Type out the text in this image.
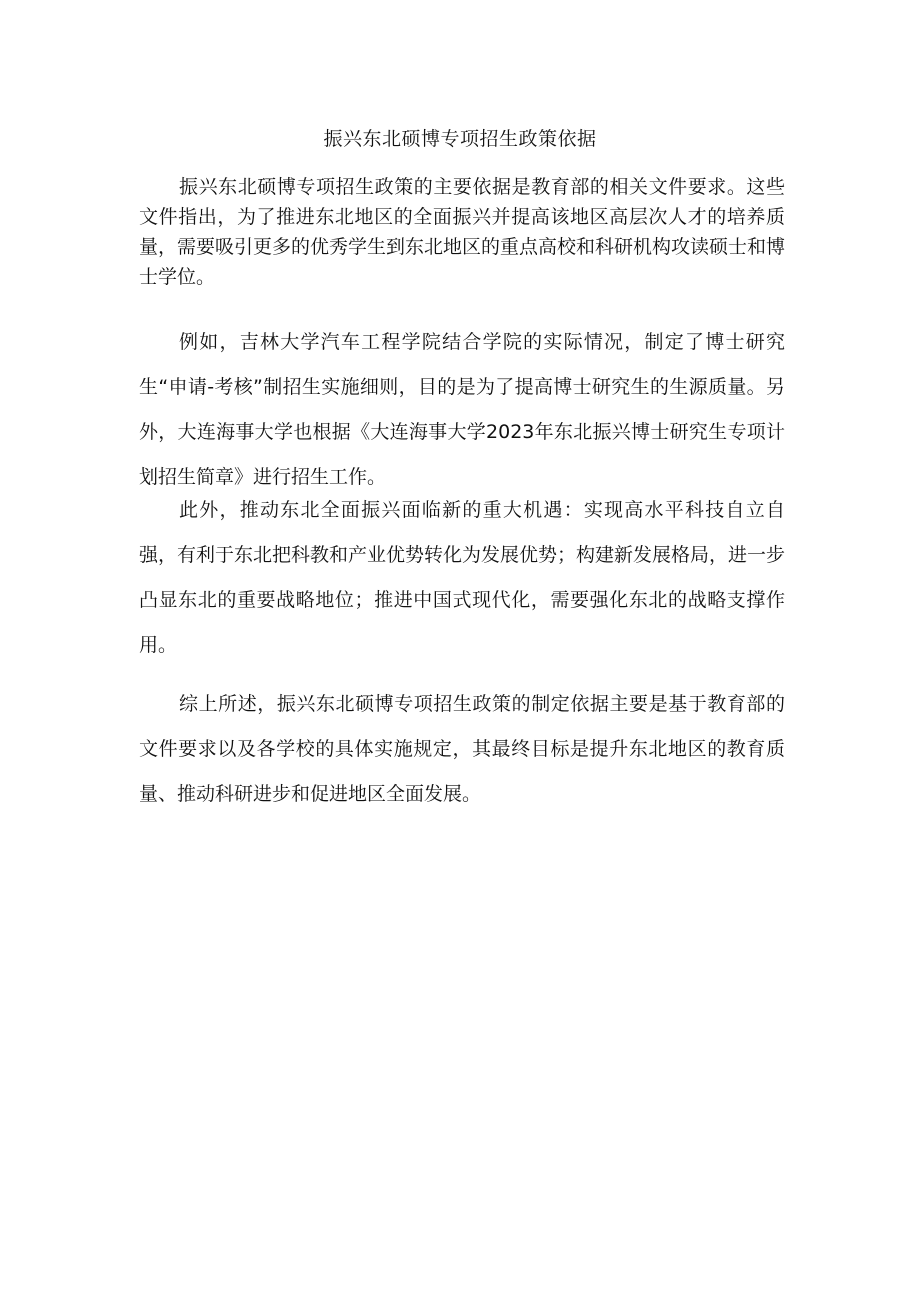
振兴东北硕博专项招生政策依据

振兴东北硕博专项招生政策的主要依据是教育部的相关文件要求。这些文件指出，为了推进东北地区的全面振兴并提高该地区高层次人才的培养质量，需要吸引更多的优秀学生到东北地区的重点高校和科研机构攻读硕士和博士学位。

例如，吉林大学汽车工程学院结合学院的实际情况，制定了博士研究生“申请-考核”制招生实施细则，目的是为了提高博士研究生的生源质量。另外，大连海事大学也根据《大连海事大学2023年东北振兴博士研究生专项计划招生简章》进行招生工作。

此外，推动东北全面振兴面临新的重大机遇：实现高水平科技自立自强，有利于东北把科教和产业优势转化为发展优势；构建新发展格局，进一步凸显东北的重要战略地位；推进中国式现代化，需要强化东北的战略支撑作用。

综上所述，振兴东北硕博专项招生政策的制定依据主要是基于教育部的文件要求以及各学校的具体实施规定，其最终目标是提升东北地区的教育质量、推动科研进步和促进地区全面发展。
